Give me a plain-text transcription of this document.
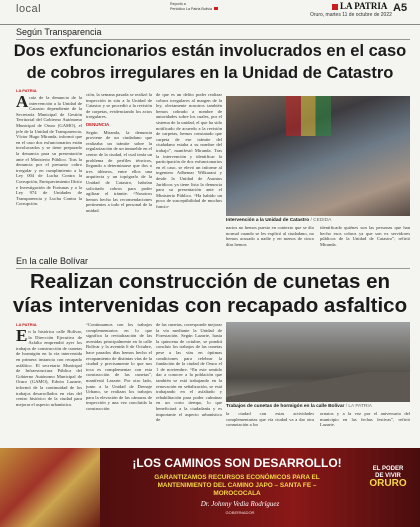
local	Reportó a
Periódico La Patria Bolivia	LA PATRIA
Oruro, martes 11 de octubre de 2022
A5
Según Transparencia
Dos exfuncionarios están involucrados en el caso de cobros irregulares en la Unidad de Catastro
LA PATRIA
Araíz de la denuncia de la intervención a la Unidad de Catastro dependiente de la Secretaría Municipal de Gestión Territorial del Gobierno Autónomo Municipal de Oruro (GAMO), el jefe de la Unidad de Transparencia, Víctor Hugo Miranda, informó que en el caso dos exfuncionarios están involucrados y se tiene preparado la denuncia para su presentación ante el Ministerio Público. Tras la denuncia por el presunto cobro irregular y en cumplimiento a la Ley 004 de Lucha Contra la Corrupción, Enriquecimiento Ilícito e Investigación de Fortunas y a la Ley 974 de Unidades de Transparencia y Lucha Contra la Corrupción.
ción, la semana pasada se realizó la inspección in situ a la Unidad de Catastro y se procedió a la revisión de carpetas, evidenciando los actos irregulares.
DENUNCIA
Según Miranda, la denuncia proviene de un ciudadano que realizaba un trámite sobre la regularización de un inmueble en el centro de la ciudad, el cual tenía un problema de perfiles técnicos, llegando a determinarse que dos o tres idóneos, entre ellos una arquitecta y un topógrafo de la Unidad de Catastro, habrían solicitado cobros para poder agilizar el trámite. “Nosotros hemos hecho las recomendaciones pertinentes a todo el personal de la unidad.
de que es un delito poder realizar cobros irregulares al margen de la ley, obviamente nosotros también hemos cobrado a nombre de autoridades sobre los cuales, por el sistema de la unidad, el que ha sido notificado de acuerdo a la revisión de carpetas, hemos constatado que carpeta de ese trámite del ciudadano estaba a su nombre del trabajo”, manifestó Miranda. Tras la intervención y identificar la participación de dos exfuncionarios en el caso, se elevó un informe al ingeniero Adhemar Wilkarani y desde la Unidad de Asuntos Jurídicos ya tiene lista la denuncia para su presentación ante el Ministerio Público. “Ha habido un poco de susceptibilidad de muchos funcio-
Intervención a la Unidad de Catastro / CEDIDA
narios no hemos puesto en contexto que se dio normal cuando se les explicó al ciudadano, no hemos acusado a nadie y en menos de cinco días hemos
identificado quiénes son las personas que han hecho esos cobros ya que son ex servidores públicos de la Unidad de Catastro”, refirió Miranda.
En la calle Bolívar
Realizan construcción de cunetas en vías intervenidas con recapado asfaltico
LA PATRIA
En la histórica calle Bolívar, la Dirección Ejecutiva de Asfalto emprendió ayer los trabajos de construcción de cunetas de hormigón en la vía intervenida en primera instancia con recapado asfáltico. El secretario Municipal de Infraestructura Pública del Gobierno Autónomo Municipal de Oruro (GAMO), Edwin Lazarte, informó de la continuidad de los trabajos desarrollados en vías del centro histórico de la ciudad para mejorar el aspecto urbanístico.
“Continuamos con los trabajos complementarios en lo que significa la revitalización de las avenidas principalmente en la calle Bolívar y la avenida 6 de Octubre, hace pasados días hemos hecho el recapamiento de distintas vías de la ciudad y precisamente lo que nos toca es complementar con esta construcción de las cunetas”, manifestó Lazarte. Por otro lado, junto a la Unidad de Drenaje Urbano, se realizan los trabajos para la elevación de las cámaras de inspección y una vez concluida la construcción
de las cunetas, corresponde mejorar la vía mediante la Unidad de Forestación. Según Lazarte, hasta la quincena de octubre, se pondrá concluir los trabajos de las cunetas pese a las vías en óptimas condiciones para celebrar la fundación de la ciudad de Oruro el 1 de noviembre. “En este sentido dar a conocer a la población que también se está trabajando en la renovación en señalización, se está trabajando en el asfaltado y rehabilitación para poder culminar en un corto tiempo, lo que beneficiará a la ciudadanía y es importante el aspecto urbanístico de
Trabajos de cunetas de hormigón en la calle Bolívar / LA PATRIA
la ciudad con estas actividades complementarias que vía ciudad va a dar otra connotación a los
ornatos y a la vez por el aniversario del municipio en las fechas festivas”, refirió Lazarte.
¡LOS CAMINOS SON DESARROLLO!
GARANTIZAMOS RECURSOS ECONÓMICOS PARA EL
MANTENIMIENTO DEL CAMINO JAPO – SANTA FE –
MOROCOCALA
Dr. Johnny Vedia Rodríguez
GOBERNADOR
EL PODER
DE VIVIR
ORURO
